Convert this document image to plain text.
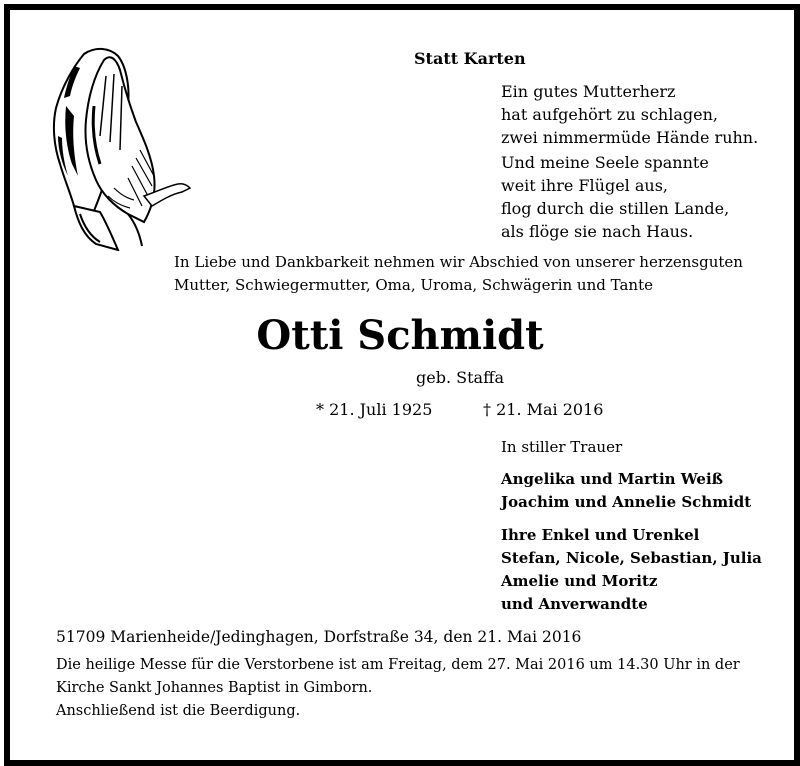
Statt Karten
Ein gutes Mutterherz
hat aufgehört zu schlagen,
zwei nimmermüde Hände ruhn.
Und meine Seele spannte
weit ihre Flügel aus,
flog durch die stillen Lande,
als flöge sie nach Haus.
In Liebe und Dankbarkeit nehmen wir Abschied von unserer herzensguten
Mutter, Schwiegermutter, Oma, Uroma, Schwägerin und Tante
Otti Schmidt
geb. Staffa
* 21. Juli 1925	† 21. Mai 2016
In stiller Trauer
Angelika und Martin Weiß
Joachim und Annelie Schmidt
Ihre Enkel und Urenkel
Stefan, Nicole, Sebastian, Julia
Amelie und Moritz
und Anverwandte
51709 Marienheide/Jedinghagen, Dorfstraße 34, den 21. Mai 2016
Die heilige Messe für die Verstorbene ist am Freitag, dem 27. Mai 2016 um 14.30 Uhr in der
Kirche Sankt Johannes Baptist in Gimborn.
Anschließend ist die Beerdigung.
